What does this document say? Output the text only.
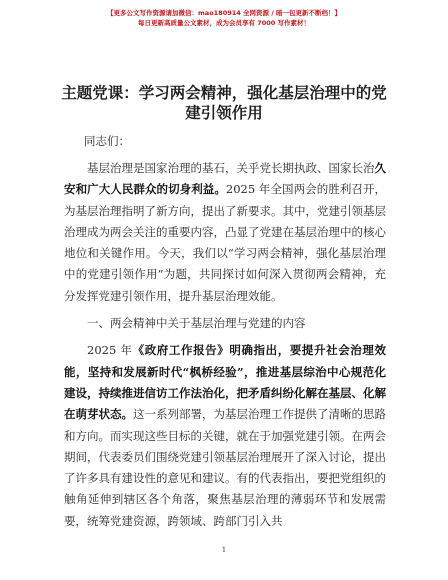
【更多公文写作资源请加微信：mao180914 全网资源 / 暗一包更新不断档！】
每日更新高质量公文素材，成为会员享有 7000 写作素材！
主题党课：学习两会精神，强化基层治理中的党建引领作用
同志们：

基层治理是国家治理的基石，关乎党长期执政、国家长治久安和广大人民群众的切身利益。2025 年全国两会的胜利召开，为基层治理指明了新方向，提出了新要求。其中，党建引领基层治理成为两会关注的重要内容，凸显了党建在基层治理中的核心地位和关键作用。今天，我们以“学习两会精神，强化基层治理中的党建引领作用”为题，共同探讨如何深入贯彻两会精神，充分发挥党建引领作用，提升基层治理效能。

一、两会精神中关于基层治理与党建的内容

2025 年《政府工作报告》明确指出，要提升社会治理效能，坚持和发展新时代“枫桥经验”，推进基层综治中心规范化建设，持续推进信访工作法治化，把矛盾纠纷化解在基层、化解在萌芽状态。这一系列部署，为基层治理工作提供了清晰的思路和方向。而实现这些目标的关键，就在于加强党建引领。在两会期间，代表委员们围绕党建引领基层治理展开了深入讨论，提出了许多具有建设性的意见和建议。有的代表指出，要把党组织的触角延伸到辖区各个角落，聚焦基层治理的薄弱环节和发展需要，统筹党建资源，跨领域、跨部门引入共

1
